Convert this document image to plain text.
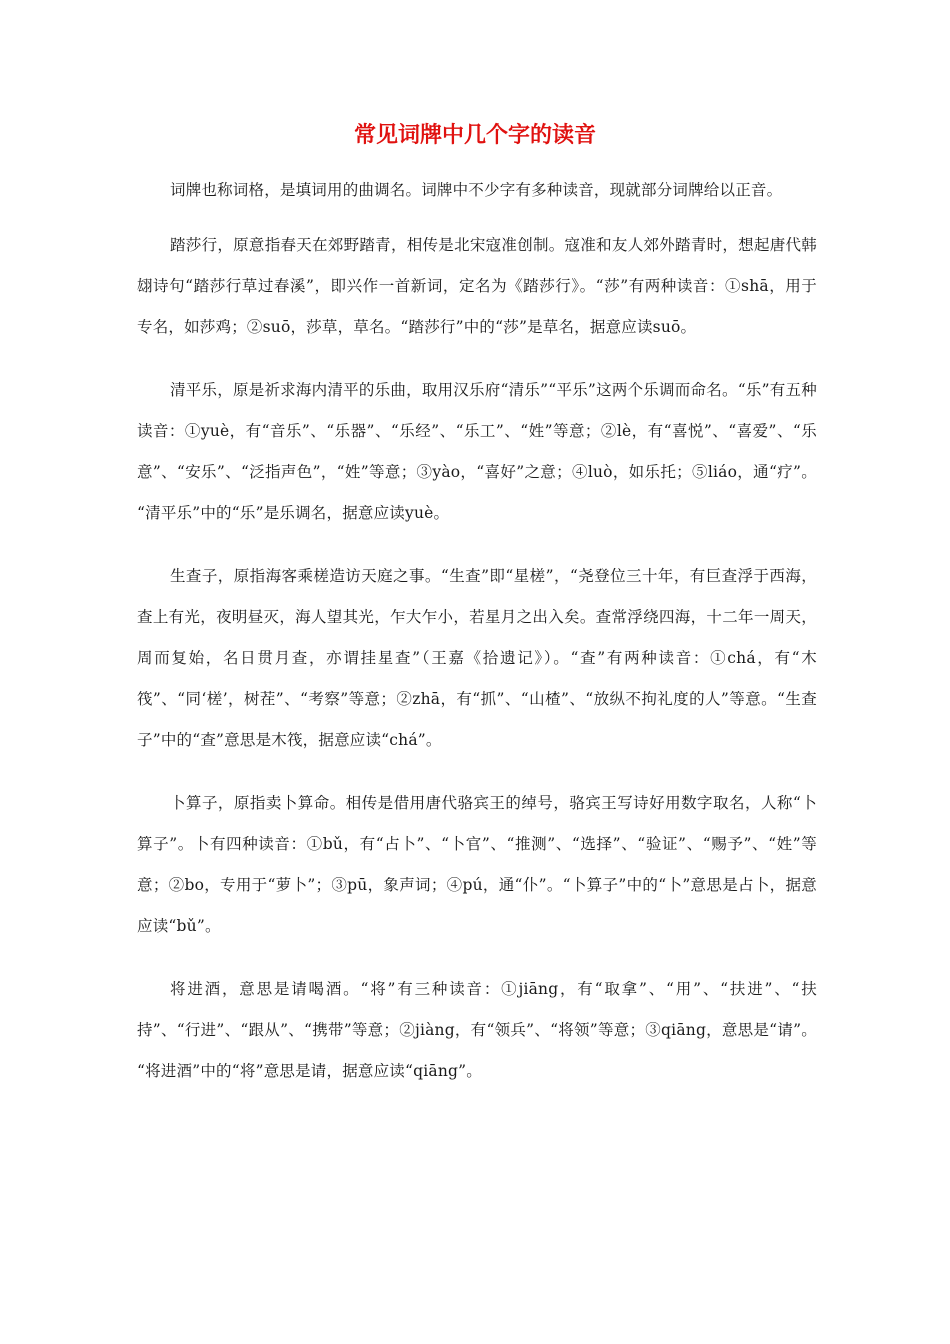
常见词牌中几个字的读音

词牌也称词格，是填词用的曲调名。词牌中不少字有多种读音，现就部分词牌给以正音。

踏莎行，原意指春天在郊野踏青，相传是北宋寇准创制。寇准和友人郊外踏青时，想起唐代韩翃诗句“踏莎行草过春溪”，即兴作一首新词，定名为《踏莎行》。“莎”有两种读音：①shā，用于专名，如莎鸡；②suō，莎草，草名。“踏莎行”中的“莎”是草名，据意应读suō。

清平乐，原是祈求海内清平的乐曲，取用汉乐府“清乐”“平乐”这两个乐调而命名。“乐”有五种读音：①yuè，有“音乐”、“乐器”、“乐经”、“乐工”、“姓”等意；②lè，有“喜悦”、“喜爱”、“乐意”、“安乐”、“泛指声色”，“姓”等意；③yào，“喜好”之意；④luò，如乐托；⑤liáo，通“疗”。 “清平乐”中的“乐”是乐调名，据意应读yuè。

生查子，原指海客乘槎造访天庭之事。“生查”即“星槎”，“尧登位三十年，有巨查浮于西海，查上有光，夜明昼灭，海人望其光，乍大乍小，若星月之出入矣。查常浮绕四海，十二年一周天，周而复始，名日贯月查，亦谓挂星查”（王嘉《拾遗记》）。“查”有两种读音：①chá，有“木筏”、“同‘槎’，树茬”、“考察”等意；②zhā，有“抓”、“山楂”、“放纵不拘礼度的人”等意。“生查子”中的“查”意思是木筏，据意应读“chá”。

卜算子，原指卖卜算命。相传是借用唐代骆宾王的绰号，骆宾王写诗好用数字取名，人称“卜算子”。卜有四种读音：①bǔ，有“占卜”、“卜官”、“推测”、“选择”、“验证”、“赐予”、“姓”等意；②bo，专用于“萝卜”；③pū，象声词；④pú，通“仆”。“卜算子”中的“卜”意思是占卜，据意应读“bǔ”。

将进酒，意思是请喝酒。“将”有三种读音：①jiāng，有“取拿”、“用”、“扶进”、“扶持”、“行进”、“跟从”、“携带”等意；②jiàng，有“领兵”、“将领”等意；③qiāng，意思是“请”。 “将进酒”中的“将”意思是请，据意应读“qiāng”。
